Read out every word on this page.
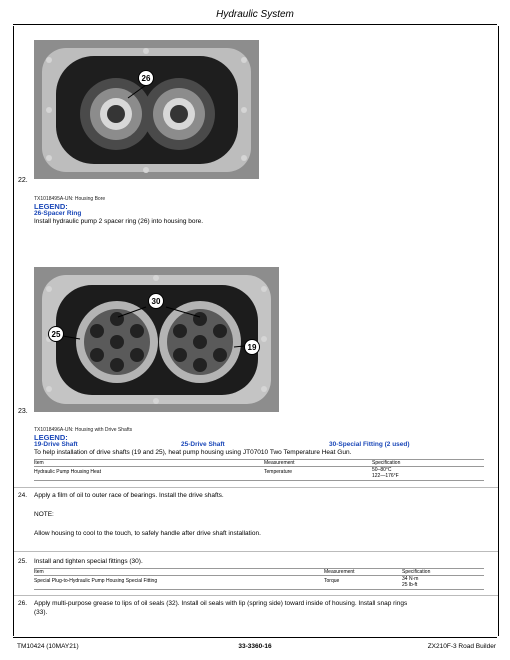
Hydraulic System
26
22.
TX1018495A-UN: Housing Bore
LEGEND:
26-Spacer Ring
Install hydraulic pump 2 spacer ring (26) into housing bore.
25
30
19
23.
TX1018496A-UN: Housing with Drive Shafts
LEGEND:
19-Drive Shaft	25-Drive Shaft	30-Special Fitting (2 used)
To help installation of drive shafts (19 and 25), heat pump housing using JT07010 Two Temperature Heat Gun.
Item	Measurement	Specification
Hydraulic Pump Housing Heat	Temperature	50–80°C
122—176°F
24. Apply a film of oil to outer race of bearings. Install the drive shafts.
NOTE:
Allow housing to cool to the touch, to safely handle after drive shaft installation.
25. Install and tighten special fittings (30).
Item	Measurement	Specification
Special Plug-to-Hydraulic Pump Housing Special Fitting	Torque	34 N·m
25 lb-ft
26. Apply multi-purpose grease to lips of oil seals (32). Install oil seals with lip (spring side) toward inside of housing. Install snap rings
(33).
TM10424 (10MAY21)	33-3360-16	ZX210F-3 Road Builder
